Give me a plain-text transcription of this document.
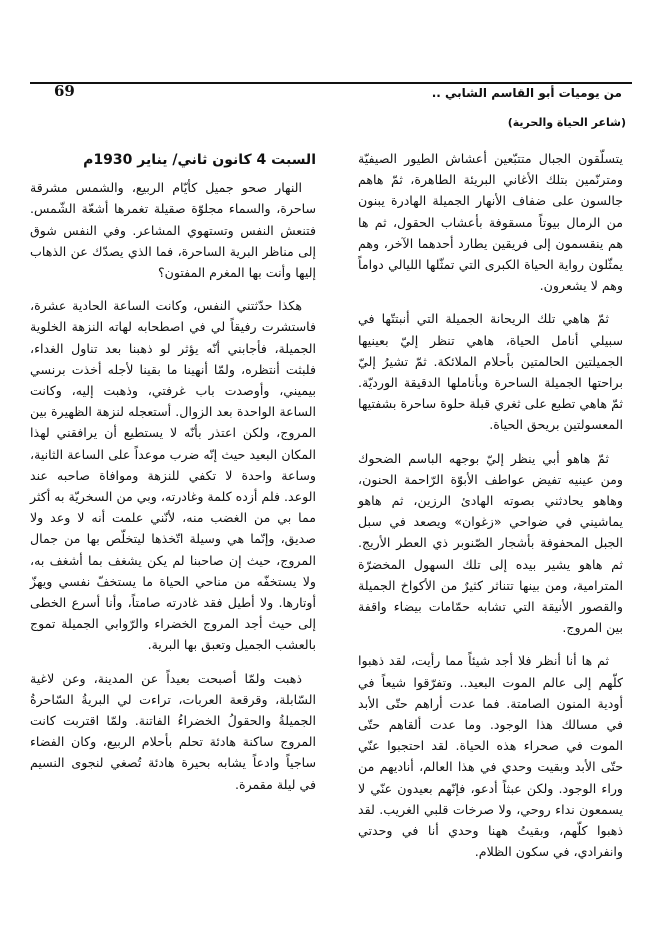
من يوميات أبو القاسم الشابي ..
(شاعر الحياة والحرية)
69

يتسلّقون الجبال متتبّعين أعشاش الطيور الصيفيّة ومترنّمين بتلك الأغاني البريئة الطاهرة، ثمّ هاهم جالسون على ضفاف الأنهار الجميلة الهادرة يبنون من الرمال بيوتاً مسقوفة بأعشاب الحقول، ثم ها هم ينقسمون إلى فريقين يطارد أحدهما الآخر، وهم يمثّلون رواية الحياة الكبرى التي تمثّلها الليالي دواماً وهم لا يشعرون.

ثمّ هاهي تلك الريحانة الجميلة التي أنبتتّها في سبيلي أنامل الحياة، هاهي تنظر إليّ بعينيها الجميلتين الحالمتين بأحلام الملائكة. ثمّ تشيرُ إليّ براحتها الجميلة الساحرة وبأناملها الدقيقة الورديّة. ثمّ هاهي تطبع على ثغري قبلة حلوة ساحرة بشفتيها المعسولتين بريحق الحياة.

ثمّ هاهو أبي ينظر إليّ بوجهه الباسم الضحوك ومن عينيه تفيض عواطف الأبوّة الرّاحمة الحنون، وهاهو يحادثني بصوته الهادئ الرزين، ثم هاهو يماشيني في ضواحي «زغوان» ويصعد في سبل الجبل المحفوفة بأشجار الصّنوبر ذي العطر الأريج. ثم هاهو يشير بيده إلى تلك السهول المخضرّة المترامية، ومن بينها تتناثر كثيرٌ من الأكواخ الجميلة والقصور الأنيقة التي تشابه حمّامات بيضاء واقفة بين المروج.

ثم ها أنا أنظر فلا أجد شيئاً مما رأيت، لقد ذهبوا كلّهم إلى عالم الموت البعيد.. وتفرّقوا شيعاً في أودية المنون الصامتة. فما عدت أراهم حتّى الأبد في مسالك هذا الوجود. وما عدت ألقاهم حتّى الموت في صحراء هذه الحياة. لقد احتجبوا عنّي حتّى الأبد وبقيت وحدي في هذا العالم، أناديهم من وراء الوجود. ولكن عبثاً أدعو، فإنّهم بعيدون عنّي لا يسمعون نداء روحي، ولا صرخات قلبي الغريب. لقد ذهبوا كلّهم، وبقيتُ ههنا وحدي أنا في وحدتي وانفرادي، في سكون الظلام.

السبت 4 كانون ثاني/ يناير 1930م

النهار صحو جميل كأيّام الربيع، والشمس مشرقة ساحرة، والسماء مجلوّة صقيلة تغمرها أشعّة الشّمس. فتنعش النفس وتستهوي المشاعر. وفي النفس شوق إلى مناظر البرية الساحرة، فما الذي يصدّك عن الذهاب إليها وأنت بها المغرم المفتون؟

هكذا حدّثتني النفس، وكانت الساعة الحادية عشرة، فاستشرت رفيقاً لي في اصطحابه لهاته النزهة الخلوية الجميلة، فأجابني أنّه يؤثر لو ذهبنا بعد تناول الغداء، فلبثت أنتظره، ولمّا أنهينا ما بقينا لأجله أخذت برنسي بيميني، وأوصدت باب غرفتي، وذهبت إليه، وكانت الساعة الواحدة بعد الزوال. أستعجله لنزهة الظهيرة بين المروج، ولكن اعتذر بأنّه لا يستطيع أن يرافقني لهذا المكان البعيد حيث إنّه ضرب موعداً على الساعة الثانية، وساعة واحدة لا تكفي للنزهة وموافاة صاحبه عند الوعد. فلم أزده كلمة وغادرته، وبي من السخريّة به أكثر مما بي من الغضب منه، لأنّني علمت أنه لا وعد ولا صديق، وإنّما هي وسيلة اتّخذها ليتخلّص بها من جمال المروج، حيث إن صاحبنا لم يكن يشغف بما أشغف به، ولا يستخفّه من مناحي الحياة ما يستخفّ نفسي ويهزّ أوتارها. ولا أطيل فقد غادرته صامتاً، وأنا أسرع الخطى إلى حيث أجد المروج الخضراء والرّوابي الجميلة تموج بالعشب الجميل وتعبق بها البرية.

ذهبت ولمّا أصبحت بعيداً عن المدينة، وعن لاغية السّابلة، وقرقعة العربات، تراءت لي البريةُ السّاحرةُ الجميلةُ والحقولُ الخضراءُ الفاتنة. ولمّا اقتربت كانت المروج ساكنة هادئة تحلم بأحلام الربيع، وكان الفضاء ساجياً وادعاً يشابه بحيرة هادئة تُصغي لنجوى النسيم في ليلة مقمرة.
